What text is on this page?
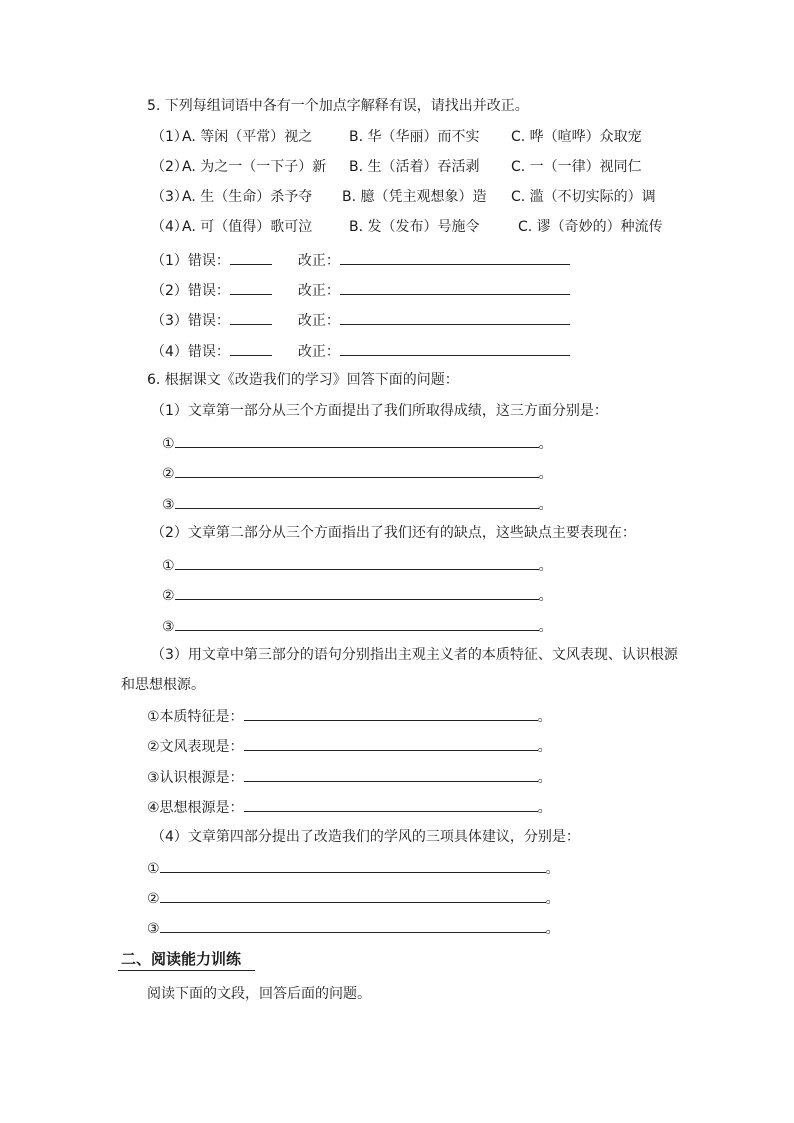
5. 下列每组词语中各有一个加点字解释有误，请找出并改正。
（1）
A. 等闲（平常）视之	B. 华（华丽）而不实 C. 哗（喧哗）众取宠
（2）
A. 为之一（一下子）新 B. 生（活着）吞活剥 C. 一（一律）视同仁
（3）
A. 生（生命）杀予夺 B. 臆（凭主观想象）造 C. 滥（不切实际的）调
（4）
A. 可（值得）歌可泣	B. 发（发布）号施令	C. 谬（奇妙的）种流传
（1）错误：	改正：
（2）错误：	改正：
（3）错误：	改正：
（4）错误：	改正：
6. 根据课文《改造我们的学习》回答下面的问题：
（1）文章第一部分从三个方面提出了我们所取得成绩，这三方面分别是：
①	。
②	。
③	。
（2）文章第二部分从三个方面指出了我们还有的缺点，这些缺点主要表现在：
①	。
②	。
③	。
（3）用文章中第三部分的语句分别指出主观主义者的本质特征、文风表现、认识根源
和思想根源。
①本质特征是：	。
②文风表现是：	。
③认识根源是：	。
④思想根源是：	。
（4）文章第四部分提出了改造我们的学风的三项具体建议，分别是：
①	。
②	。
③	。
二、阅读能力训练
阅读下面的文段，回答后面的问题。
